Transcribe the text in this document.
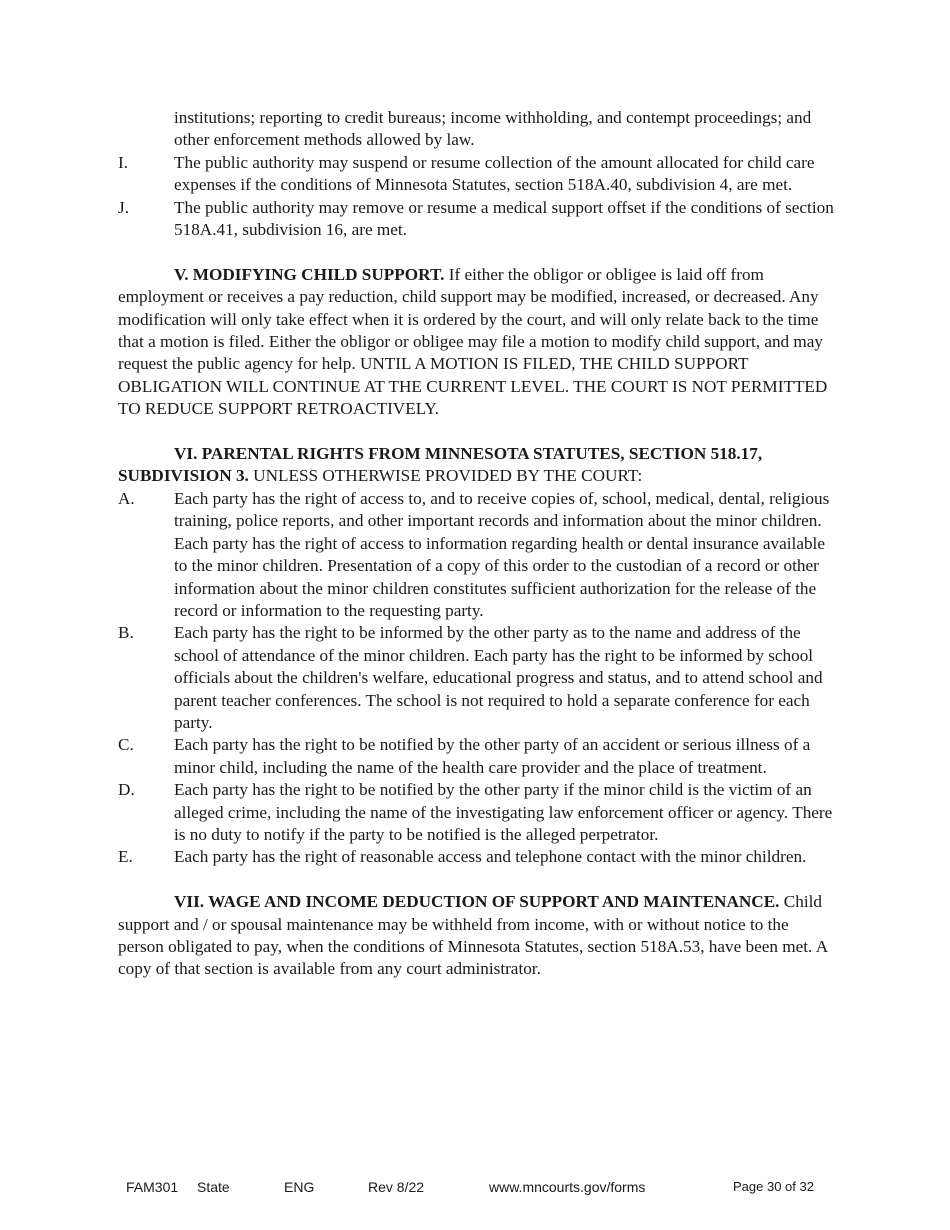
institutions; reporting to credit bureaus; income withholding, and contempt proceedings; and other enforcement methods allowed by law.
I.	The public authority may suspend or resume collection of the amount allocated for child care expenses if the conditions of Minnesota Statutes, section 518A.40, subdivision 4, are met.
J.	The public authority may remove or resume a medical support offset if the conditions of section 518A.41, subdivision 16, are met.
V. MODIFYING CHILD SUPPORT. If either the obligor or obligee is laid off from employment or receives a pay reduction, child support may be modified, increased, or decreased. Any modification will only take effect when it is ordered by the court, and will only relate back to the time that a motion is filed. Either the obligor or obligee may file a motion to modify child support, and may request the public agency for help. UNTIL A MOTION IS FILED, THE CHILD SUPPORT OBLIGATION WILL CONTINUE AT THE CURRENT LEVEL. THE COURT IS NOT PERMITTED TO REDUCE SUPPORT RETROACTIVELY.
VI. PARENTAL RIGHTS FROM MINNESOTA STATUTES, SECTION 518.17, SUBDIVISION 3. UNLESS OTHERWISE PROVIDED BY THE COURT:
A. Each party has the right of access to, and to receive copies of, school, medical, dental, religious training, police reports, and other important records and information about the minor children. Each party has the right of access to information regarding health or dental insurance available to the minor children. Presentation of a copy of this order to the custodian of a record or other information about the minor children constitutes sufficient authorization for the release of the record or information to the requesting party.
B. Each party has the right to be informed by the other party as to the name and address of the school of attendance of the minor children. Each party has the right to be informed by school officials about the children's welfare, educational progress and status, and to attend school and parent teacher conferences. The school is not required to hold a separate conference for each party.
C. Each party has the right to be notified by the other party of an accident or serious illness of a minor child, including the name of the health care provider and the place of treatment.
D. Each party has the right to be notified by the other party if the minor child is the victim of an alleged crime, including the name of the investigating law enforcement officer or agency. There is no duty to notify if the party to be notified is the alleged perpetrator.
E. Each party has the right of reasonable access and telephone contact with the minor children.
VII. WAGE AND INCOME DEDUCTION OF SUPPORT AND MAINTENANCE. Child support and / or spousal maintenance may be withheld from income, with or without notice to the person obligated to pay, when the conditions of Minnesota Statutes, section 518A.53, have been met. A copy of that section is available from any court administrator.
FAM301 State	ENG	Rev 8/22	www.mncourts.gov/forms	Page 30 of 32
